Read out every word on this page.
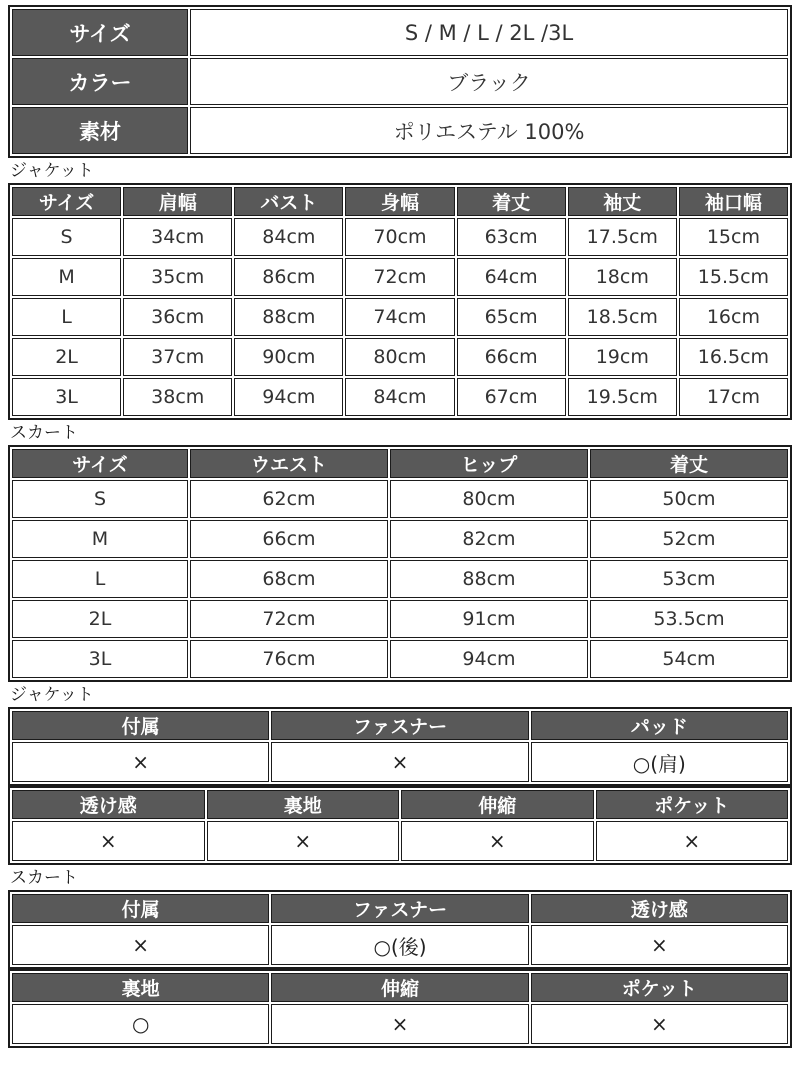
サイズ	S / M / L / 2L /3L
カラー	ブラック
素材	ポリエステル 100%
ジャケット
サイズ	肩幅	バスト	身幅	着丈	袖丈	袖口幅
S	34cm	84cm	70cm	63cm	17.5cm	15cm
M	35cm	86cm	72cm	64cm	18cm	15.5cm
L	36cm	88cm	74cm	65cm	18.5cm	16cm
2L	37cm	90cm	80cm	66cm	19cm	16.5cm
3L	38cm	94cm	84cm	67cm	19.5cm	17cm
スカート
サイズ	ウエスト	ヒップ	着丈
S	62cm	80cm	50cm
M	66cm	82cm	52cm
L	68cm	88cm	53cm
2L	72cm	91cm	53.5cm
3L	76cm	94cm	54cm
ジャケット
付属	ファスナー	パッド
×	×	○(肩)
透け感	裏地	伸縮	ポケット
×	×	×	×
スカート
付属	ファスナー	透け感
×	○(後)	×
裏地	伸縮	ポケット
○	×	×
